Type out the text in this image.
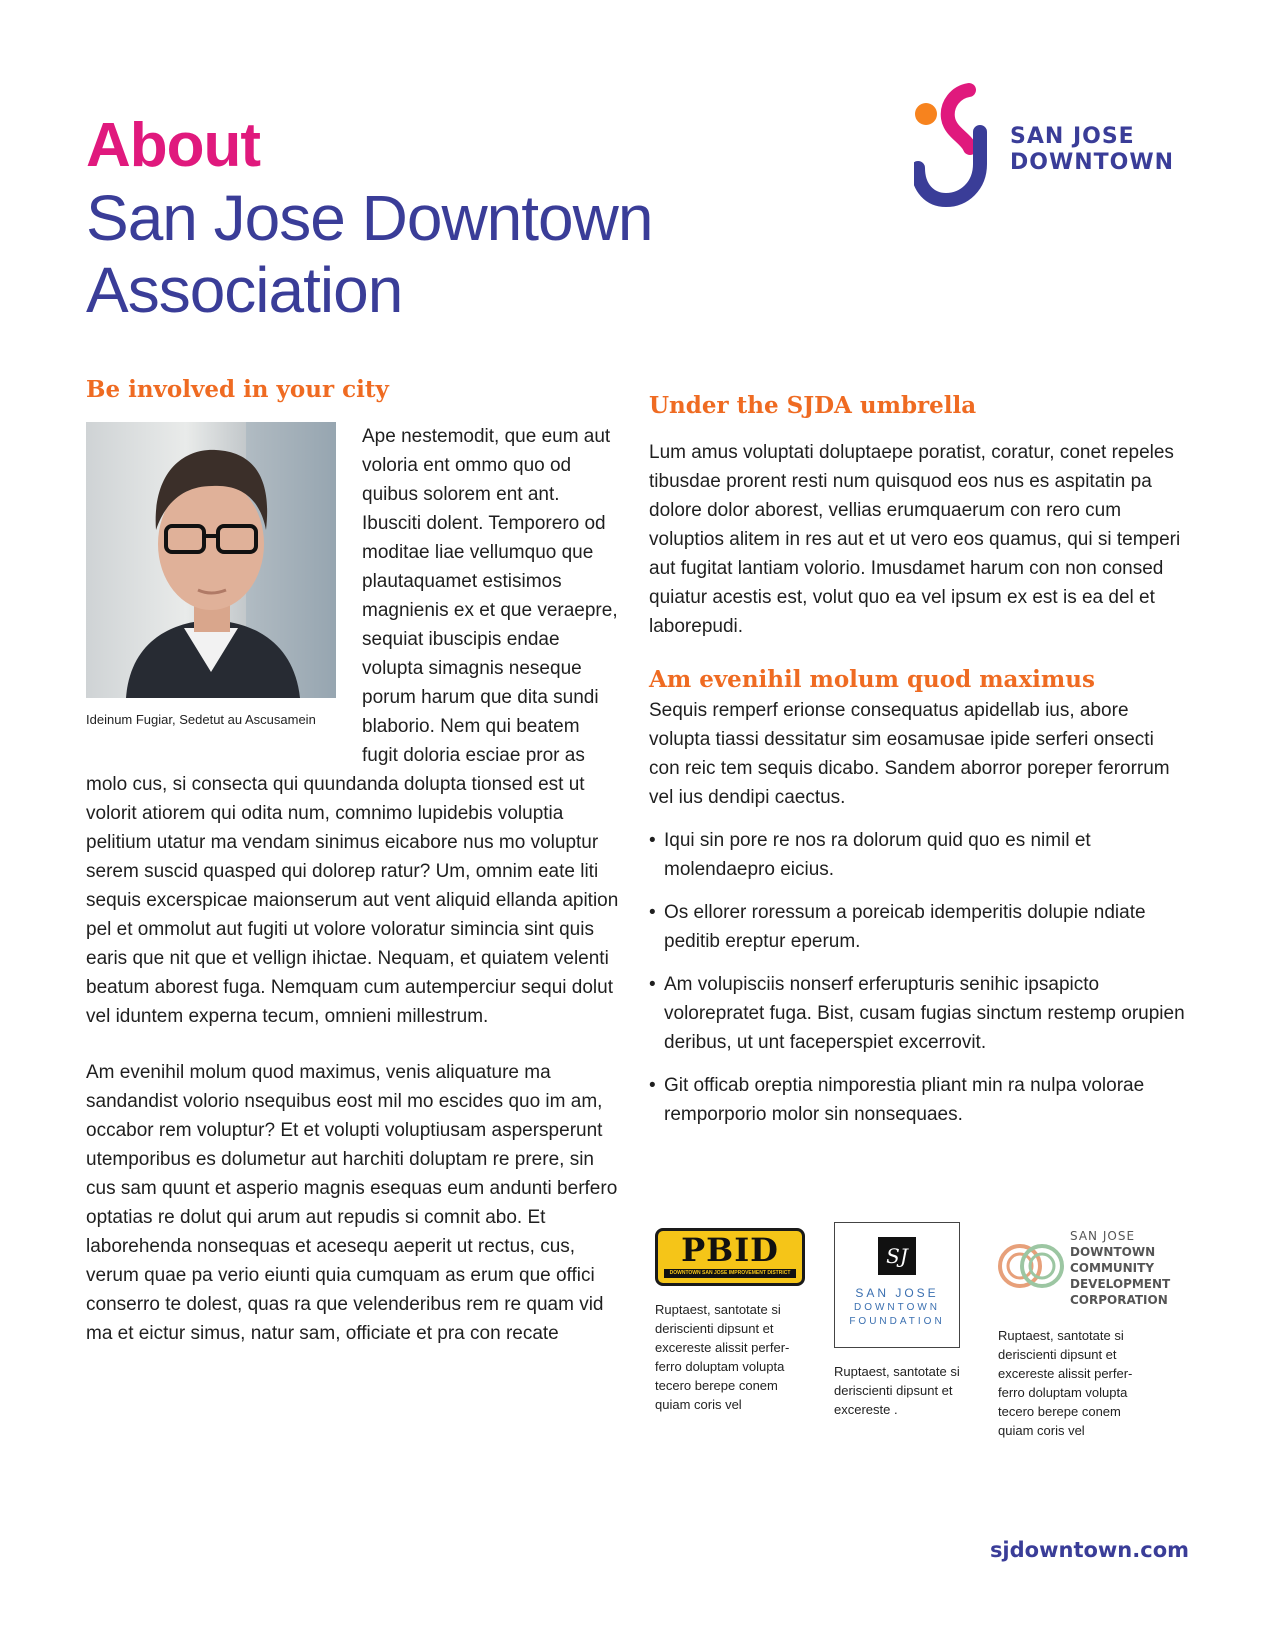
About
San Jose Downtown Association
SAN JOSE
DOWNTOWN
Be involved in your city
Ideinum Fugiar, Sedetut au Ascusamein

Ape nestemodit, que eum aut voloria ent ommo quo od quibus solorem ent ant. Ibusciti dolent. Temporero od moditae liae vellumquo que plautaquamet estisimos magnienis ex et que veraepre, sequiat ibuscipis endae volupta simagnis neseque porum harum que dita sundi blaborio. Nem qui beatem fugit doloria esciae pror as molo cus, si consecta qui quundanda dolupta tionsed est ut volorit atiorem qui odita num, comnimo lupidebis voluptia pelitium utatur ma vendam sinimus eicabore nus mo voluptur serem suscid quasped qui dolorep ratur? Um, omnim eate liti sequis excerspicae maionserum aut vent aliquid ellanda apition pel et ommolut aut fugiti ut volore voloratur simincia sint quis earis que nit que et vellign ihictae. Nequam, et quiatem velenti beatum aborest fuga. Nemquam cum autemperciur sequi dolut vel iduntem experna tecum, omnieni millestrum.

Am evenihil molum quod maximus, venis aliquature ma sandandist volorio nsequibus eost mil mo escides quo im am, occabor rem voluptur? Et et volupti voluptiusam aspersperunt utemporibus es dolumetur aut harchiti doluptam re prere, sin cus sam quunt et asperio magnis esequas eum andunti berfero optatias re dolut qui arum aut repudis si comnit abo. Et laborehenda nonsequas et acesequ aeperit ut rectus, cus, verum quae pa verio eiunti quia cumquam as erum que offici conserro te dolest, quas ra que velenderibus rem re quam vid ma et eictur simus, natur sam, officiate et pra con recate

Under the SJDA umbrella

Lum amus voluptati doluptaepe poratist, coratur, conet repeles tibusdae prorent resti num quisquod eos nus es aspitatin pa dolore dolor aborest, vellias erumquaerum con rero cum voluptios alitem in res aut et ut vero eos quamus, qui si temperi aut fugitat lantiam volorio. Imusdamet harum con non consed quiatur acestis est, volut quo ea vel ipsum ex est is ea del et laborepudi.

Am evenihil molum quod maximus

Sequis remperf erionse consequatus apidellab ius, abore volupta tiassi dessitatur sim eosamusae ipide serferi onsecti con reic tem sequis dicabo. Sandem aborror poreper ferorrum vel ius dendipi caectus.

• Iqui sin pore re nos ra dolorum quid quo es nimil et molendaepro eicius.
• Os ellorer roressum a poreicab idemperitis dolupie ndiate peditib ereptur eperum.
• Am volupisciis nonserf erferupturis senihic ipsapicto volorepratet fuga. Bist, cusam fugias sinctum restemp orupien deribus, ut unt faceperspiet excerrovit.
• Git officab oreptia nimporestia pliant min ra nulpa volorae remporporio molor sin nonsequaes.
PBID
DOWNTOWN SAN JOSE IMPROVEMENT DISTRICT
Ruptaest, santotate si deriscienti dipsunt et excereste alissit perfer-ferro doluptam volupta tecero berepe conem quiam coris vel
SJ
SAN JOSE
DOWNTOWN
FOUNDATION
Ruptaest, santotate si deriscienti dipsunt et excereste .
SAN JOSE
DOWNTOWN
COMMUNITY
DEVELOPMENT
CORPORATION
Ruptaest, santotate si deriscienti dipsunt et excereste alissit perfer-ferro doluptam volupta tecero berepe conem quiam coris vel
sjdowntown.com
